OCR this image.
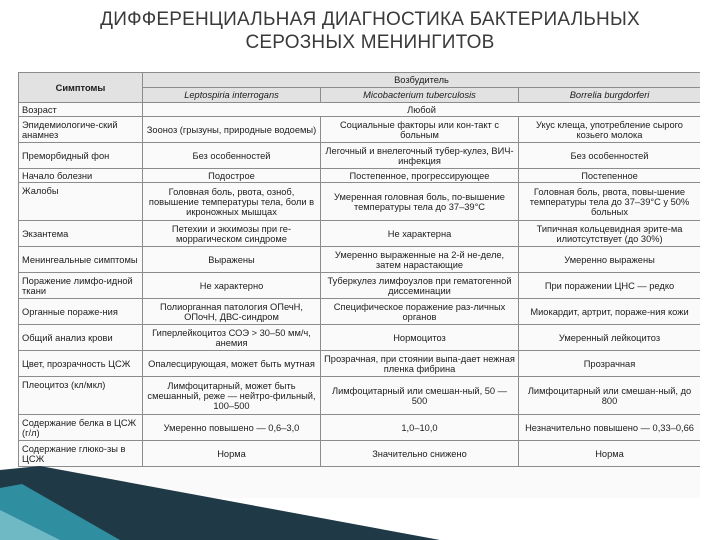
ДИФФЕРЕНЦИАЛЬНАЯ ДИАГНОСТИКА БАКТЕРИАЛЬНЫХ
СЕРОЗНЫХ МЕНИНГИТОВ
Симптомы	Возбудитель		
	Leptospiria interrogans	Micobacterium tuberculosis	Borrelia burgdorferi
Возраст	Любой		
Эпидемиологиче-ский анамнез	Зооноз (грызуны, природные водоемы)	Социальные факторы или кон-такт с больным	Укус клеща, употребление сырого козьего молока
Преморбидный фон	Без особенностей	Легочный и внелегочный тубер-кулез, ВИЧ-инфекция	Без особенностей
Начало болезни	Подострое	Постепенное, прогрессирующее	Постепенное
Жалобы	Головная боль, рвота, озноб, повышение температуры тела, боли в икроножных мышцах	Умеренная головная боль, по-вышение температуры тела до 37–39°С	Головная боль, рвота, повы-шение температуры тела до 37–39°С у 50% больных
Экзантема	Петехии и экхимозы при ге-моррагическом синдроме	Не характерна	Типичная кольцевидная эрите-ма илиотсутствует (до 30%)
Менингеальные симптомы	Выражены	Умеренно выраженные на 2-й не-деле, затем нарастающие	Умеренно выражены
Поражение лимфо-идной ткани	Не характерно	Туберкулез лимфоузлов при гематогенной диссеминации	При поражении ЦНС — редко
Органные пораже-ния	Полиорганная патология ОПечН, ОПочН, ДВС-синдром	Специфическое поражение раз-личных органов	Миокардит, артрит, пораже-ния кожи
Общий анализ крови	Гиперлейкоцитоз СОЭ > 30–50 мм/ч, анемия	Нормоцитоз	Умеренный лейкоцитоз
Цвет, прозрачность ЦСЖ	Опалесцирующая, может быть мутная	Прозрачная, при стоянии выпа-дает нежная пленка фибрина	Прозрачная
Плеоцитоз (кл/мкл)	Лимфоцитарный, может быть смешанный, реже — нейтро-фильный, 100–500	Лимфоцитарный или смешан-ный, 50 — 500	Лимфоцитарный или смешан-ный, до 800
Содержание белка в ЦСЖ (г/л)	Умеренно повышено — 0,6–3,0	1,0–10,0	Незначительно повышено — 0,33–0,66
Содержание глюко-зы в ЦСЖ	Норма	Значительно снижено	Норма
